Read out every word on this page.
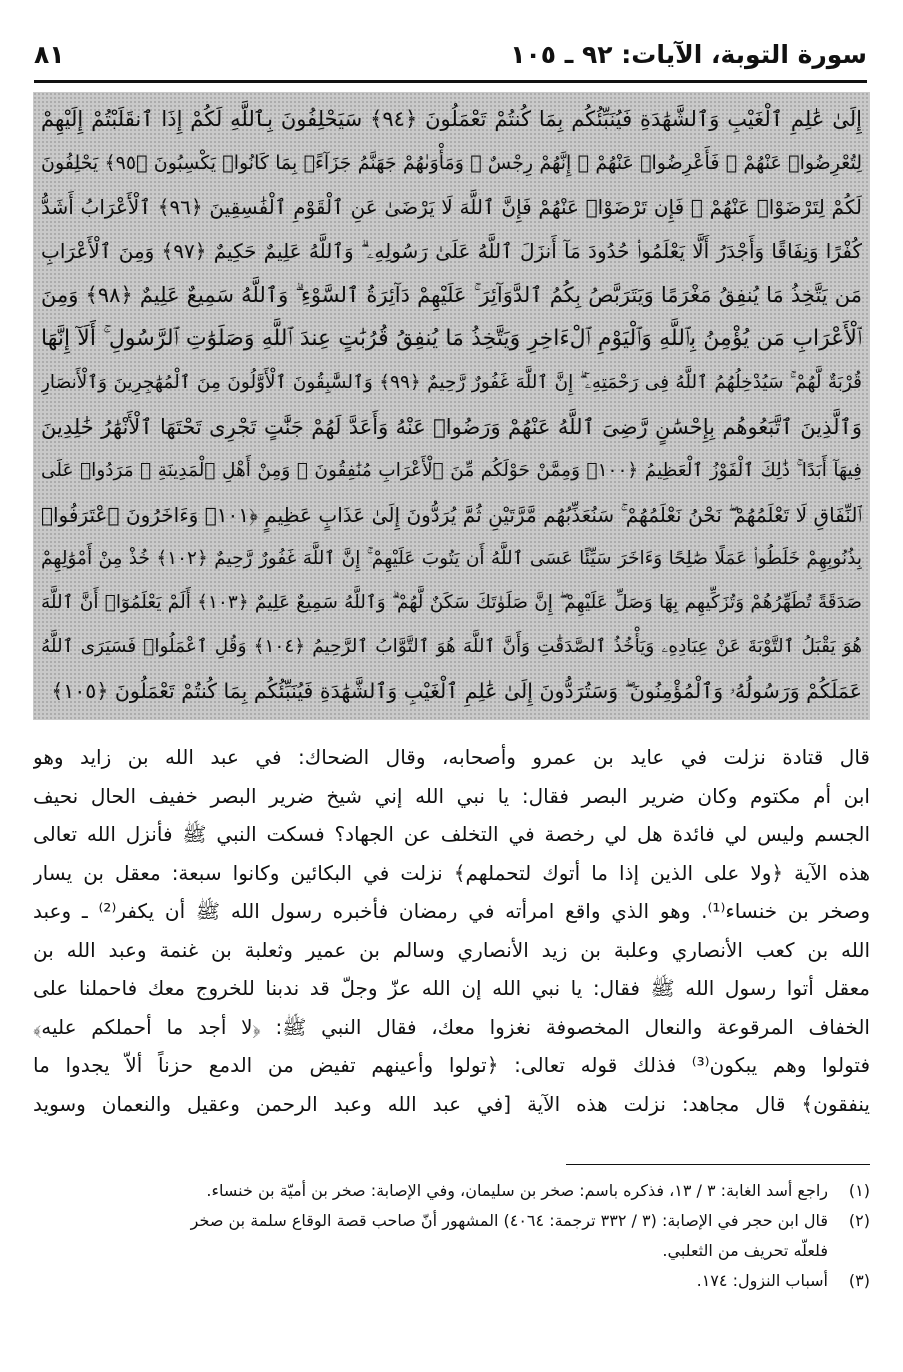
سورة التوبة، الآيات: ٩٢ ـ ١٠٥
٨١
إِلَىٰ عَٰلِمِ ٱلْغَيْبِ وَٱلشَّهَٰدَةِ فَيُنَبِّئُكُم بِمَا كُنتُمْ تَعْمَلُونَ ﴿٩٤﴾ سَيَحْلِفُونَ بِٱللَّهِ لَكُمْ إِذَا ٱنقَلَبْتُمْ إِلَيْهِمْ
لِتُعْرِضُوا۟ عَنْهُمْ ۖ فَأَعْرِضُوا۟ عَنْهُمْ ۖ إِنَّهُمْ رِجْسٌ ۖ وَمَأْوَىٰهُمْ جَهَنَّمُ جَزَآءًۢ بِمَا كَانُوا۟ يَكْسِبُونَ ﴿٩٥﴾ يَحْلِفُونَ
لَكُمْ لِتَرْضَوْا۟ عَنْهُمْ ۖ فَإِن تَرْضَوْا۟ عَنْهُمْ فَإِنَّ ٱللَّهَ لَا يَرْضَىٰ عَنِ ٱلْقَوْمِ ٱلْفَٰسِقِينَ ﴿٩٦﴾ ٱلْأَعْرَابُ أَشَدُّ
كُفْرًا وَنِفَاقًا وَأَجْدَرُ أَلَّا يَعْلَمُوا۟ حُدُودَ مَآ أَنزَلَ ٱللَّهُ عَلَىٰ رَسُولِهِۦ ۗ وَٱللَّهُ عَلِيمٌ حَكِيمٌ ﴿٩٧﴾ وَمِنَ ٱلْأَعْرَابِ
مَن يَتَّخِذُ مَا يُنفِقُ مَغْرَمًا وَيَتَرَبَّصُ بِكُمُ ٱلدَّوَآئِرَ ۚ عَلَيْهِمْ دَآئِرَةُ ٱلسَّوْءِ ۗ وَٱللَّهُ سَمِيعٌ عَلِيمٌ ﴿٩٨﴾ وَمِنَ
ٱلْأَعْرَابِ مَن يُؤْمِنُ بِٱللَّهِ وَٱلْيَوْمِ ٱلْءَاخِرِ وَيَتَّخِذُ مَا يُنفِقُ قُرُبَٰتٍ عِندَ ٱللَّهِ وَصَلَوَٰتِ ٱلرَّسُولِ ۚ أَلَآ إِنَّهَا
قُرْبَةٌ لَّهُمْ ۚ سَيُدْخِلُهُمُ ٱللَّهُ فِى رَحْمَتِهِۦٓ ۗ إِنَّ ٱللَّهَ غَفُورٌ رَّحِيمٌ ﴿٩٩﴾ وَٱلسَّٰبِقُونَ ٱلْأَوَّلُونَ مِنَ ٱلْمُهَٰجِرِينَ وَٱلْأَنصَارِ
وَٱلَّذِينَ ٱتَّبَعُوهُم بِإِحْسَٰنٍ رَّضِىَ ٱللَّهُ عَنْهُمْ وَرَضُوا۟ عَنْهُ وَأَعَدَّ لَهُمْ جَنَّٰتٍ تَجْرِى تَحْتَهَا ٱلْأَنْهَٰرُ خَٰلِدِينَ
فِيهَآ أَبَدًا ۚ ذَٰلِكَ ٱلْفَوْزُ ٱلْعَظِيمُ ﴿١٠٠﴾ وَمِمَّنْ حَوْلَكُم مِّنَ ٱلْأَعْرَابِ مُنَٰفِقُونَ ۖ وَمِنْ أَهْلِ ٱلْمَدِينَةِ ۖ مَرَدُوا۟ عَلَى
ٱلنِّفَاقِ لَا تَعْلَمُهُمْ ۖ نَحْنُ نَعْلَمُهُمْ ۚ سَنُعَذِّبُهُم مَّرَّتَيْنِ ثُمَّ يُرَدُّونَ إِلَىٰ عَذَابٍ عَظِيمٍ ﴿١٠١﴾ وَءَاخَرُونَ ٱعْتَرَفُوا۟
بِذُنُوبِهِمْ خَلَطُوا۟ عَمَلًا صَٰلِحًا وَءَاخَرَ سَيِّئًا عَسَى ٱللَّهُ أَن يَتُوبَ عَلَيْهِمْ ۚ إِنَّ ٱللَّهَ غَفُورٌ رَّحِيمٌ ﴿١٠٢﴾ خُذْ مِنْ أَمْوَٰلِهِمْ
صَدَقَةً تُطَهِّرُهُمْ وَتُزَكِّيهِم بِهَا وَصَلِّ عَلَيْهِمْ ۖ إِنَّ صَلَوٰتَكَ سَكَنٌ لَّهُمْ ۗ وَٱللَّهُ سَمِيعٌ عَلِيمٌ ﴿١٠٣﴾ أَلَمْ يَعْلَمُوٓا۟ أَنَّ ٱللَّهَ
هُوَ يَقْبَلُ ٱلتَّوْبَةَ عَنْ عِبَادِهِۦ وَيَأْخُذُ ٱلصَّدَقَٰتِ وَأَنَّ ٱللَّهَ هُوَ ٱلتَّوَّابُ ٱلرَّحِيمُ ﴿١٠٤﴾ وَقُلِ ٱعْمَلُوا۟ فَسَيَرَى ٱللَّهُ
عَمَلَكُمْ وَرَسُولُهُۥ وَٱلْمُؤْمِنُونَ ۖ وَسَتُرَدُّونَ إِلَىٰ عَٰلِمِ ٱلْغَيْبِ وَٱلشَّهَٰدَةِ فَيُنَبِّئُكُم بِمَا كُنتُمْ تَعْمَلُونَ ﴿١٠٥﴾
قال قتادة نزلت في عايد بن عمرو وأصحابه، وقال الضحاك: في عبد الله بن زايد وهو
ابن أم مكتوم وكان ضرير البصر فقال: يا نبي الله إني شيخ ضرير البصر خفيف الحال نحيف
الجسم وليس لي فائدة هل لي رخصة في التخلف عن الجهاد؟ فسكت النبي ﷺ فأنزل الله تعالى
هذه الآية ﴿ولا على الذين إذا ما أتوك لتحملهم﴾ نزلت في البكائين وكانوا سبعة: معقل بن يسار
وصخر بن خنساء⁽¹⁾. وهو الذي واقع امرأته في رمضان فأخبره رسول الله ﷺ أن يكفر⁽²⁾ ـ وعبد
الله بن كعب الأنصاري وعلبة بن زيد الأنصاري وسالم بن عمير وثعلبة بن غنمة وعبد الله بن
معقل أتوا رسول الله ﷺ فقال: يا نبي الله إن الله عزّ وجلّ قد ندبنا للخروج معك فاحملنا على
الخفاف المرقوعة والنعال المخصوفة نغزوا معك، فقال النبي ﷺ: ﴿لا أجد ما أحملكم عليه﴾
فتولوا وهم يبكون⁽³⁾ فذلك قوله تعالى: ﴿تولوا وأعينهم تفيض من الدمع حزناً ألاّ يجدوا ما
ينفقون﴾ قال مجاهد: نزلت هذه الآية [في عبد الله وعبد الرحمن وعقيل والنعمان وسويد
(١)
راجع أسد الغابة: ٣ / ١٣، فذكره باسم: صخر بن سليمان، وفي الإصابة: صخر بن أميّة بن خنساء.
(٢)
قال ابن حجر في الإصابة: (٣ / ٣٣٢ ترجمة: ٤٠٦٤) المشهور أنّ صاحب قصة الوقاع سلمة بن صخر
فلعلّه تحريف من الثعلبي.
(٣)
أسباب النزول: ١٧٤.
